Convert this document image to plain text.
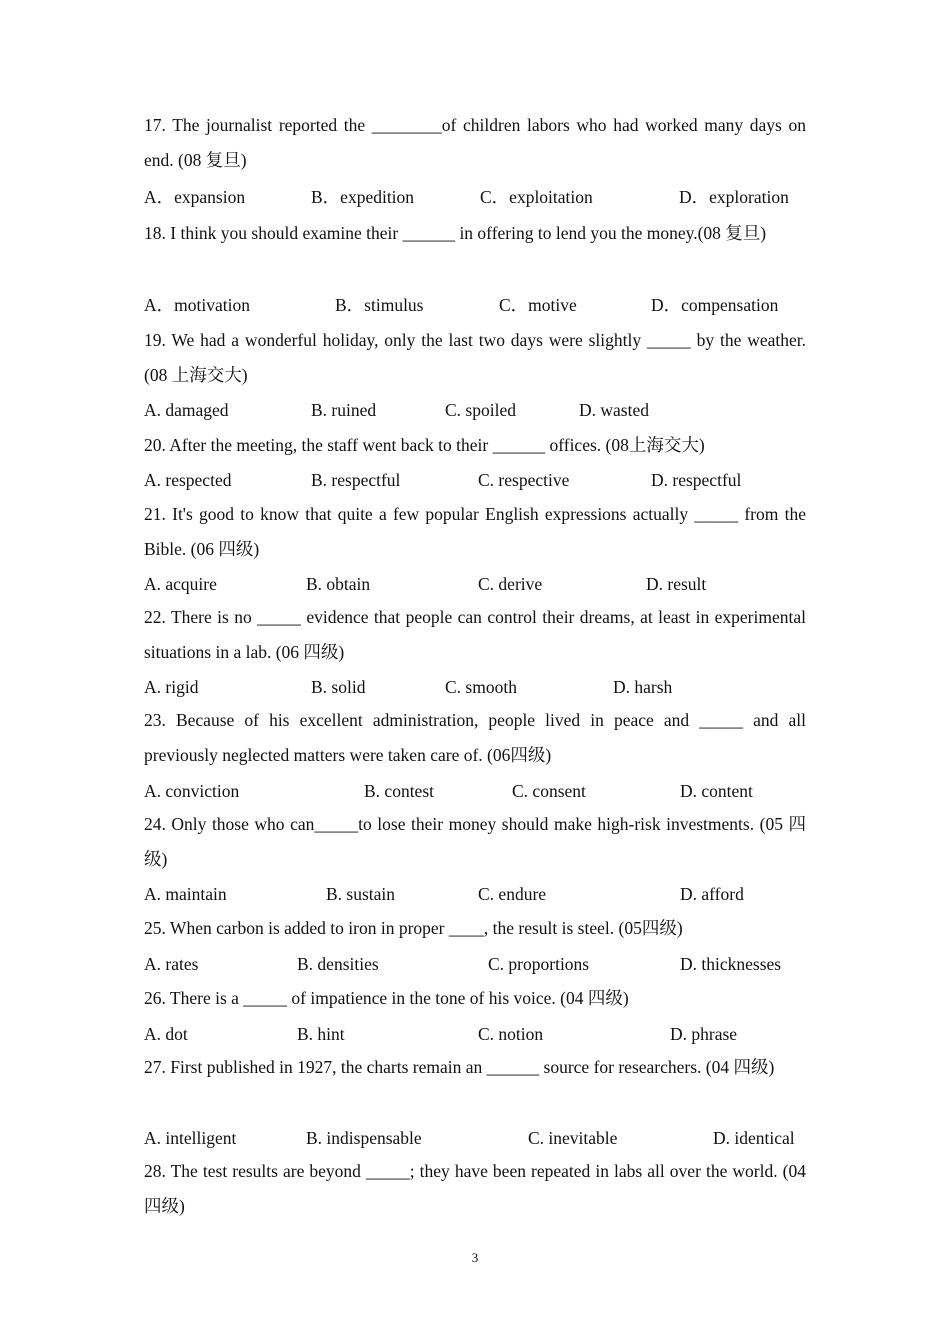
17. The journalist reported the ________of children labors who had worked many days on end. (08 复旦)
A．expansion	B．expedition	C．exploitation	D．exploration
18. I think you should examine their ______ in offering to lend you the money.(08 复旦)
A．motivation	B．stimulus	C．motive	D．compensation
19. We had a wonderful holiday, only the last two days were slightly _____ by the weather. (08 上海交大)
A. damaged	B. ruined	C. spoiled	D. wasted
20. After the meeting, the staff went back to their ______ offices. (08上海交大)
A. respected	B. respectful	C. respective	D. respectful
21. It's good to know that quite a few popular English expressions actually _____ from the Bible. (06 四级)
A. acquire	B. obtain	C. derive	D. result
22. There is no _____ evidence that people can control their dreams, at least in experimental situations in a lab. (06 四级)
A. rigid	B. solid	C. smooth	D. harsh
23. Because of his excellent administration, people lived in peace and _____ and all previously neglected matters were taken care of. (06四级)
A. conviction	B. contest	C. consent	D. content
24. Only those who can_____to lose their money should make high-risk investments. (05 四级)
A. maintain	B. sustain	C. endure	D. afford
25. When carbon is added to iron in proper ____, the result is steel. (05四级)
A. rates	B. densities	C. proportions	D. thicknesses
26. There is a _____ of impatience in the tone of his voice. (04 四级)
A. dot	B. hint	C. notion	D. phrase
27. First published in 1927, the charts remain an ______ source for researchers. (04 四级)
A. intelligent	B. indispensable	C. inevitable	D. identical
28. The test results are beyond _____; they have been repeated in labs all over the world. (04四级)
3
